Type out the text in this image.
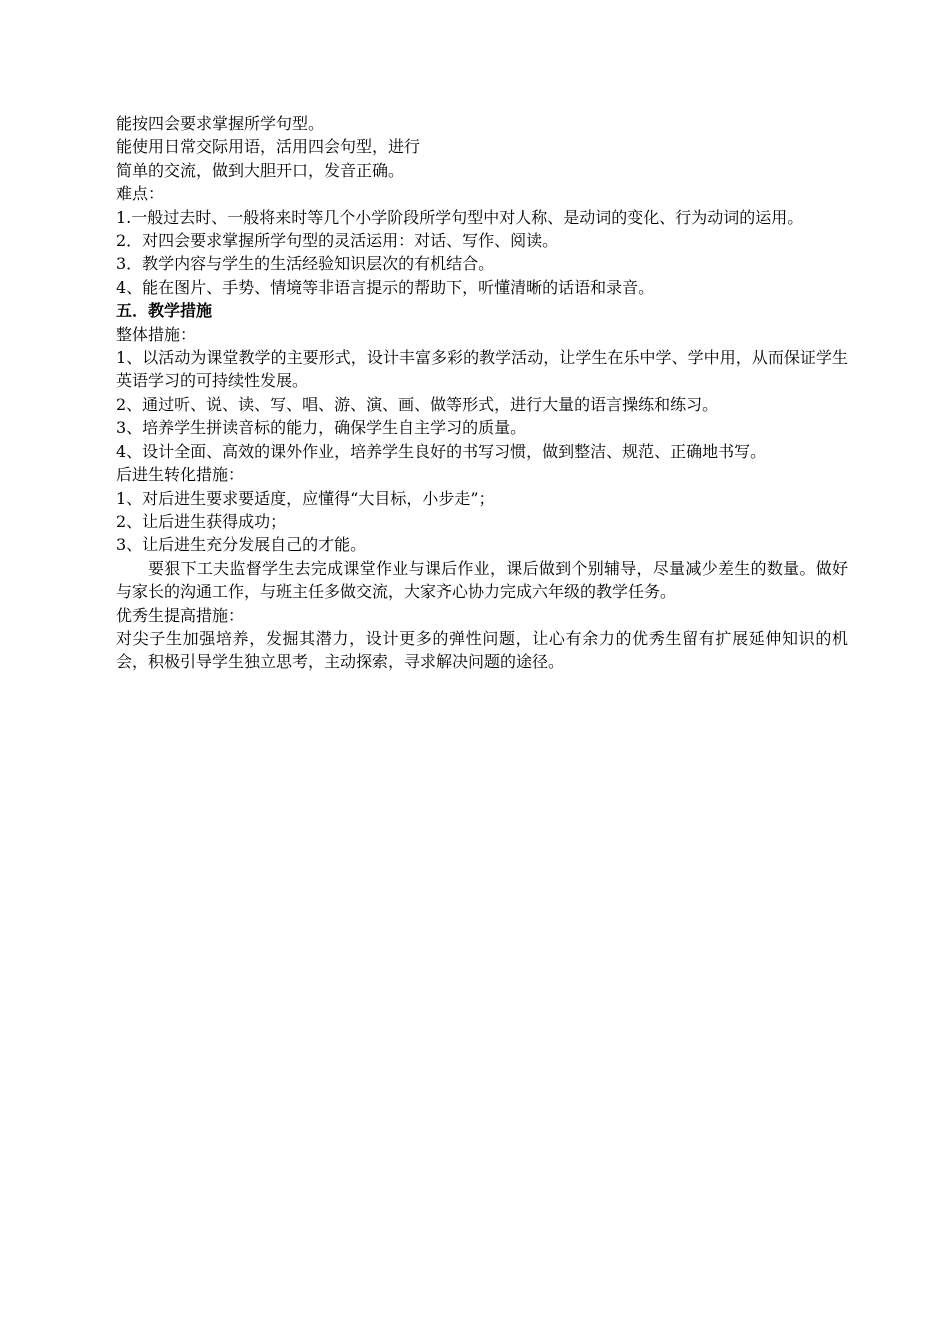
能按四会要求掌握所学句型。

能使用日常交际用语，活用四会句型，进行

简单的交流，做到大胆开口，发音正确。

难点：

1.一般过去时、一般将来时等几个小学阶段所学句型中对人称、是动词的变化、行为动词的运用。

2．对四会要求掌握所学句型的灵活运用：对话、写作、阅读。

3．教学内容与学生的生活经验知识层次的有机结合。

4、能在图片、手势、情境等非语言提示的帮助下，听懂清晰的话语和录音。

五．教学措施

整体措施：

1、以活动为课堂教学的主要形式，设计丰富多彩的教学活动，让学生在乐中学、学中用，从而保证学生英语学习的可持续性发展。

2、通过听、说、读、写、唱、游、演、画、做等形式，进行大量的语言操练和练习。

3、培养学生拼读音标的能力，确保学生自主学习的质量。

4、设计全面、高效的课外作业，培养学生良好的书写习惯，做到整洁、规范、正确地书写。

后进生转化措施：

1、对后进生要求要适度，应懂得“大目标，小步走”；

2、让后进生获得成功；

3、让后进生充分发展自己的才能。

要狠下工夫监督学生去完成课堂作业与课后作业，课后做到个别辅导，尽量减少差生的数量。做好与家长的沟通工作，与班主任多做交流，大家齐心协力完成六年级的教学任务。

优秀生提高措施：

对尖子生加强培养，发掘其潜力，设计更多的弹性问题，让心有余力的优秀生留有扩展延伸知识的机会，积极引导学生独立思考，主动探索，寻求解决问题的途径。
